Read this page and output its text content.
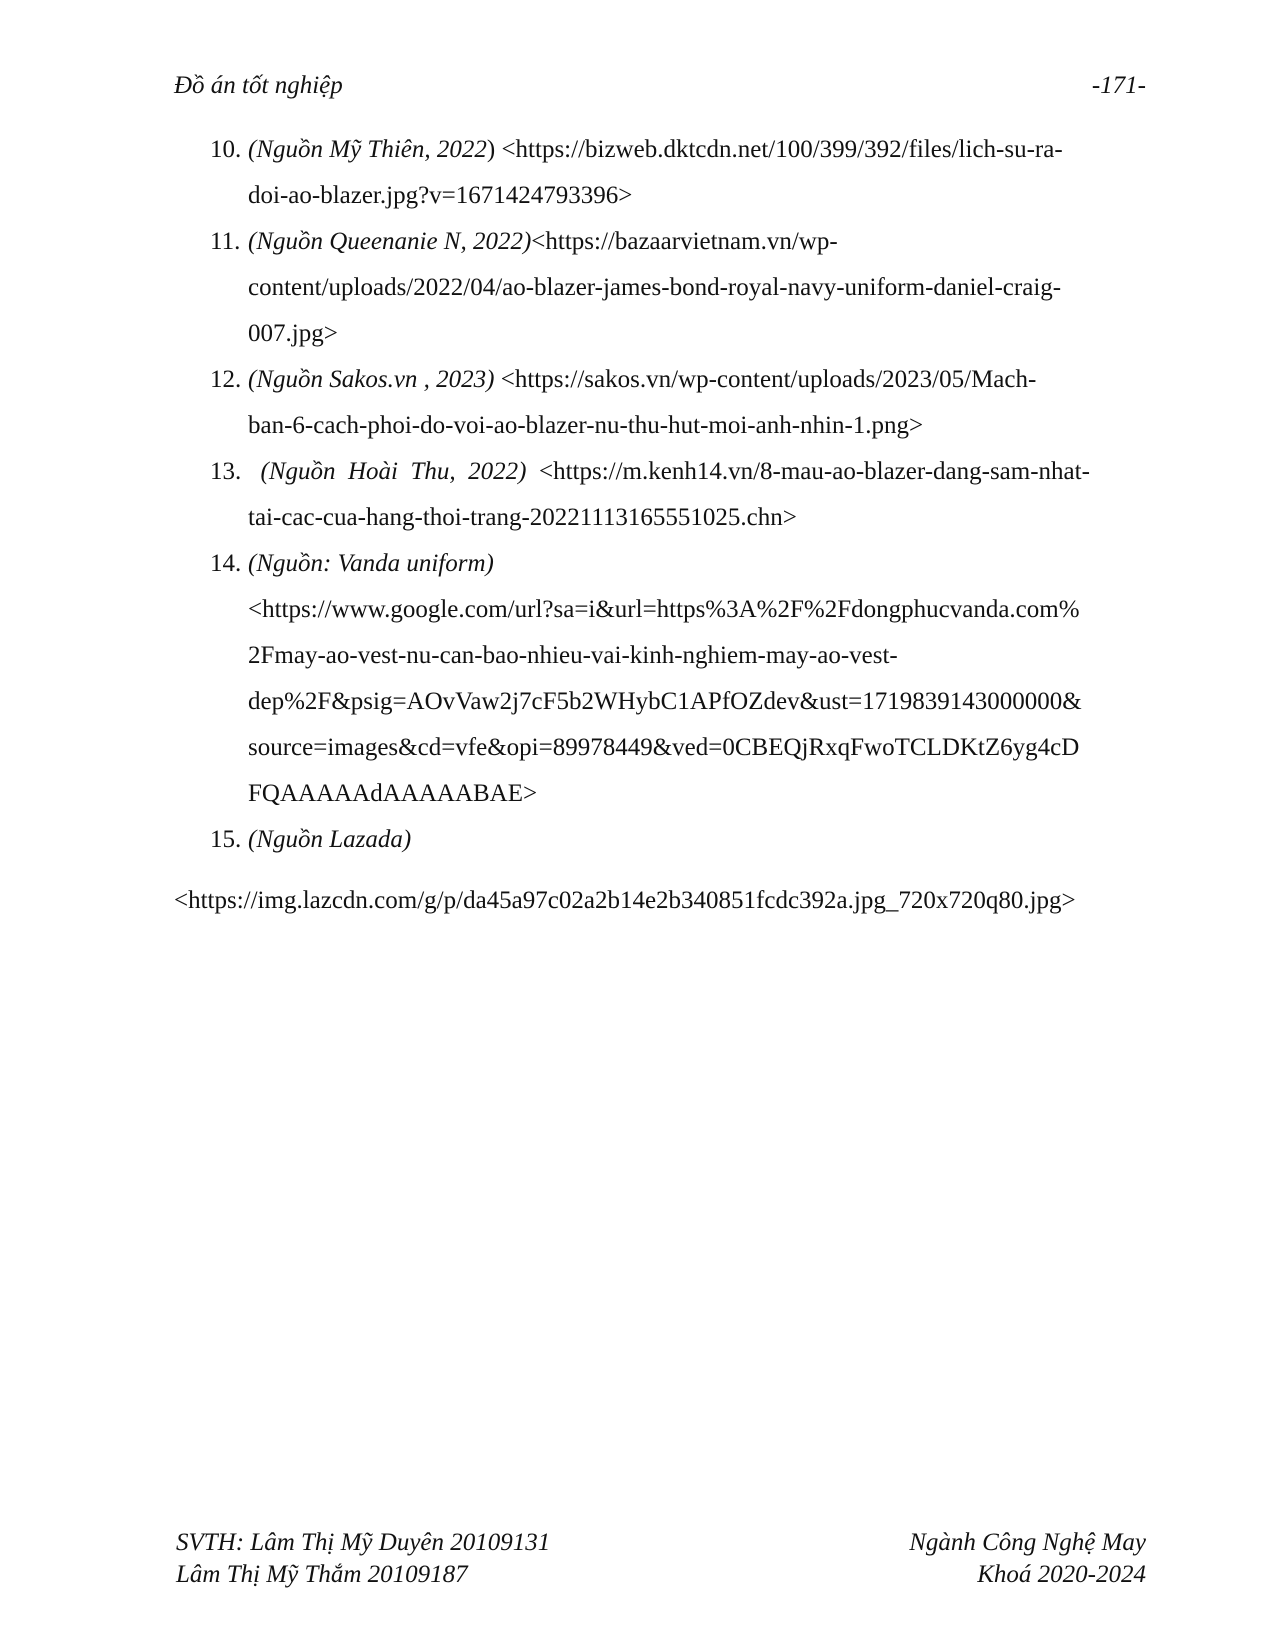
Đồ án tốt nghiệp	-171-
10. (Nguồn Mỹ Thiên, 2022) <https://bizweb.dktcdn.net/100/399/392/files/lich-su-ra-
doi-ao-blazer.jpg?v=1671424793396>
11. (Nguồn Queenanie N, 2022)<https://bazaarvietnam.vn/wp-
content/uploads/2022/04/ao-blazer-james-bond-royal-navy-uniform-daniel-craig-
007.jpg>
12. (Nguồn Sakos.vn , 2023) <https://sakos.vn/wp-content/uploads/2023/05/Mach-
ban-6-cach-phoi-do-voi-ao-blazer-nu-thu-hut-moi-anh-nhin-1.png>
13. (Nguồn  Hoài  Thu,  2022)  <https://m.kenh14.vn/8-mau-ao-blazer-dang-sam-nhat-
tai-cac-cua-hang-thoi-trang-20221113165551025.chn>
14. (Nguồn: Vanda uniform)
<https://www.google.com/url?sa=i&url=https%3A%2F%2Fdongphucvanda.com%
2Fmay-ao-vest-nu-can-bao-nhieu-vai-kinh-nghiem-may-ao-vest-
dep%2F&psig=AOvVaw2j7cF5b2WHybC1APfOZdev&ust=1719839143000000&
source=images&cd=vfe&opi=89978449&ved=0CBEQjRxqFwoTCLDKtZ6yg4cD
FQAAAAAdAAAAABAE>
15. (Nguồn Lazada)
<https://img.lazcdn.com/g/p/da45a97c02a2b14e2b340851fcdc392a.jpg_720x720q80.jpg>
SVTH: Lâm Thị Mỹ Duyên 20109131
Lâm Thị Mỹ Thắm 20109187
Ngành Công Nghệ May
Khoá 2020-2024
